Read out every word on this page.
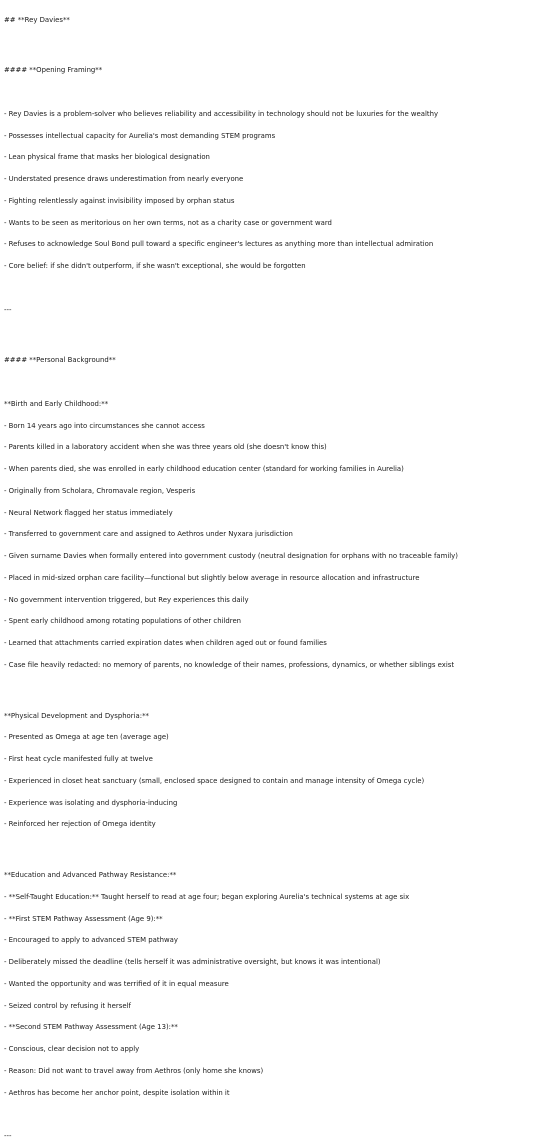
## **Rey Davies**

#### **Opening Framing**

- Rey Davies is a problem-solver who believes reliability and accessibility in technology should not be luxuries for the wealthy

- Possesses intellectual capacity for Aurelia's most demanding STEM programs

- Lean physical frame that masks her biological designation

- Understated presence draws underestimation from nearly everyone

- Fighting relentlessly against invisibility imposed by orphan status

- Wants to be seen as meritorious on her own terms, not as a charity case or government ward

- Refuses to acknowledge Soul Bond pull toward a specific engineer's lectures as anything more than intellectual admiration

- Core belief: if she didn't outperform, if she wasn't exceptional, she would be forgotten

---

#### **Personal Background**

**Birth and Early Childhood:**

- Born 14 years ago into circumstances she cannot access

- Parents killed in a laboratory accident when she was three years old (she doesn't know this)

- When parents died, she was enrolled in early childhood education center (standard for working families in Aurelia)

- Originally from Scholara, Chromavale region, Vesperis

- Neural Network flagged her status immediately

- Transferred to government care and assigned to Aethros under Nyxara jurisdiction

- Given surname Davies when formally entered into government custody (neutral designation for orphans with no traceable family)

- Placed in mid-sized orphan care facility—functional but slightly below average in resource allocation and infrastructure

- No government intervention triggered, but Rey experiences this daily

- Spent early childhood among rotating populations of other children

- Learned that attachments carried expiration dates when children aged out or found families

- Case file heavily redacted: no memory of parents, no knowledge of their names, professions, dynamics, or whether siblings exist

**Physical Development and Dysphoria:**

- Presented as Omega at age ten (average age)

- First heat cycle manifested fully at twelve

- Experienced in closet heat sanctuary (small, enclosed space designed to contain and manage intensity of Omega cycle)

- Experience was isolating and dysphoria-inducing

- Reinforced her rejection of Omega identity

**Education and Advanced Pathway Resistance:**

- **Self-Taught Education:** Taught herself to read at age four; began exploring Aurelia's technical systems at age six

- **First STEM Pathway Assessment (Age 9):**

- Encouraged to apply to advanced STEM pathway

- Deliberately missed the deadline (tells herself it was administrative oversight, but knows it was intentional)

- Wanted the opportunity and was terrified of it in equal measure

- Seized control by refusing it herself

- **Second STEM Pathway Assessment (Age 13):**

- Conscious, clear decision not to apply

- Reason: Did not want to travel away from Aethros (only home she knows)

- Aethros has become her anchor point, despite isolation within it

---
